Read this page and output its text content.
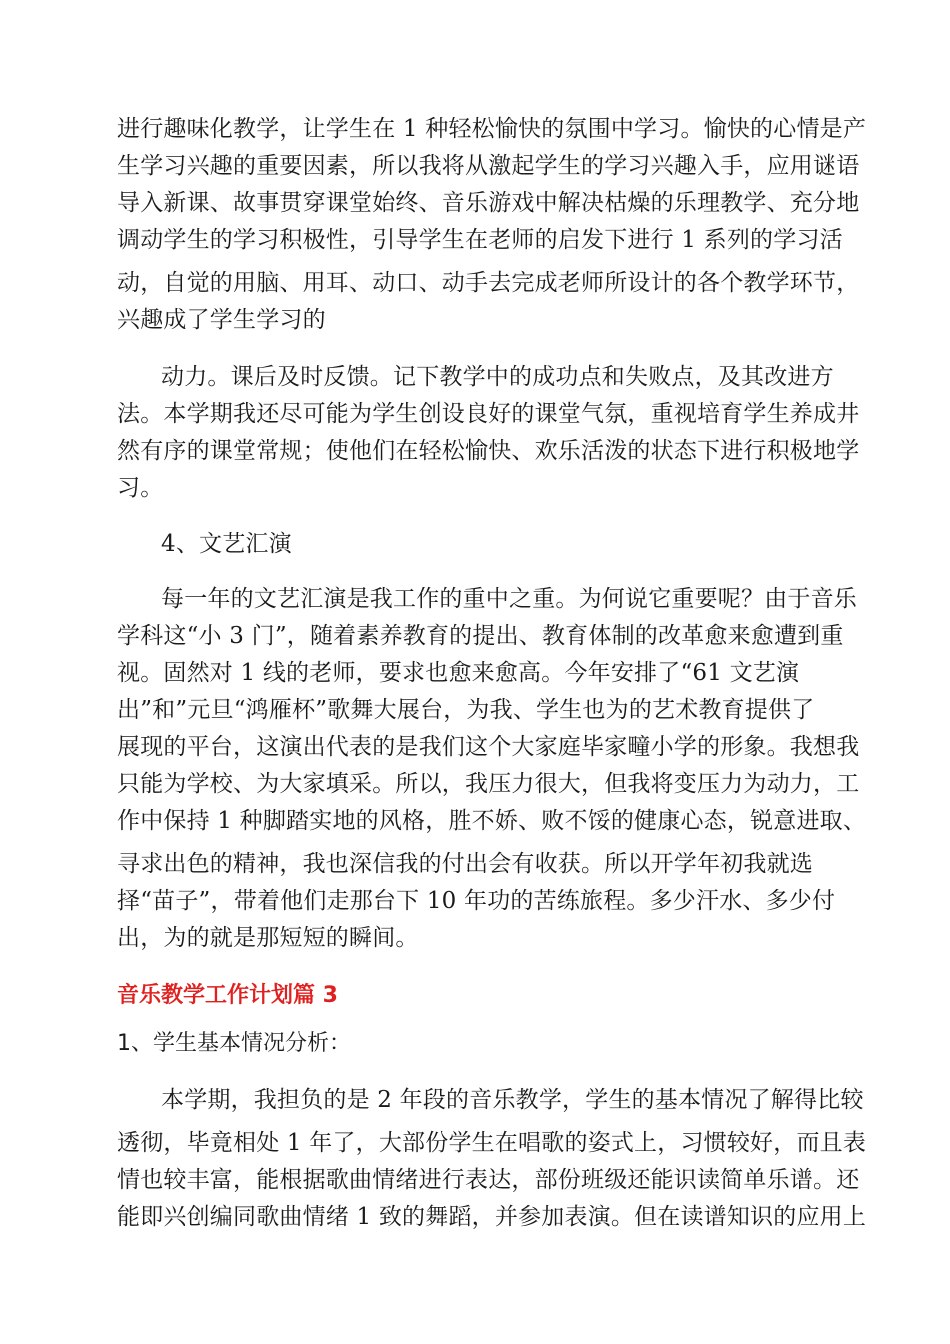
进行趣味化教学，让学生在 1 种轻松愉快的氛围中学习。愉快的心情是产
生学习兴趣的重要因素，所以我将从激起学生的学习兴趣入手，应用谜语
导入新课、故事贯穿课堂始终、音乐游戏中解决枯燥的乐理教学、充分地
调动学生的学习积极性，引导学生在老师的启发下进行 1 系列的学习活
动，自觉的用脑、用耳、动口、动手去完成老师所设计的各个教学环节，
兴趣成了学生学习的
动力。课后及时反馈。记下教学中的成功点和失败点，及其改进方
法。本学期我还尽可能为学生创设良好的课堂气氛，重视培育学生养成井
然有序的课堂常规；使他们在轻松愉快、欢乐活泼的状态下进行积极地学
习。
4、文艺汇演
每一年的文艺汇演是我工作的重中之重。为何说它重要呢？由于音乐
学科这“小 3 门”，随着素养教育的提出、教育体制的改革愈来愈遭到重
视。固然对 1 线的老师，要求也愈来愈高。今年安排了“61 文艺演
出”和”元旦“鸿雁杯”歌舞大展台，为我、学生也为的艺术教育提供了
展现的平台，这演出代表的是我们这个大家庭毕家疃小学的形象。我想我
只能为学校、为大家填采。所以，我压力很大，但我将变压力为动力，工
作中保持 1 种脚踏实地的风格，胜不娇、败不馁的健康心态，锐意进取、
寻求出色的精神，我也深信我的付出会有收获。所以开学年初我就选
择“苗子”，带着他们走那台下 10 年功的苦练旅程。多少汗水、多少付
出，为的就是那短短的瞬间。
音乐教学工作计划篇 3
1、学生基本情况分析：
本学期，我担负的是 2 年段的音乐教学，学生的基本情况了解得比较
透彻，毕竟相处 1 年了，大部份学生在唱歌的姿式上，习惯较好，而且表
情也较丰富，能根据歌曲情绪进行表达，部份班级还能识读简单乐谱。还
能即兴创编同歌曲情绪 1 致的舞蹈，并参加表演。但在读谱知识的应用上
